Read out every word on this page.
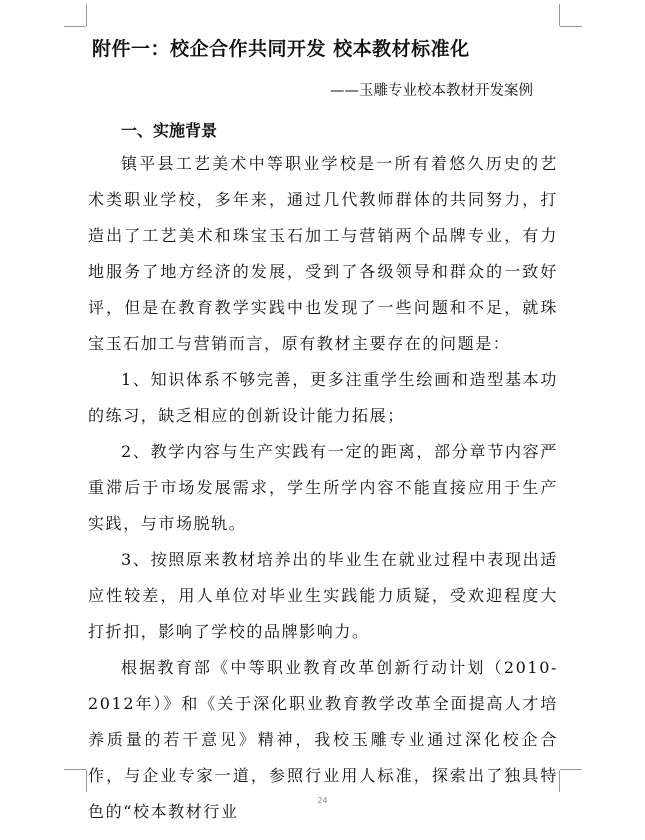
附件一：校企合作共同开发 校本教材标准化
——玉雕专业校本教材开发案例
一、实施背景

镇平县工艺美术中等职业学校是一所有着悠久历史的艺术类职业学校，多年来，通过几代教师群体的共同努力，打造出了工艺美术和珠宝玉石加工与营销两个品牌专业，有力地服务了地方经济的发展，受到了各级领导和群众的一致好评，但是在教育教学实践中也发现了一些问题和不足，就珠宝玉石加工与营销而言，原有教材主要存在的问题是：

1、知识体系不够完善，更多注重学生绘画和造型基本功的练习，缺乏相应的创新设计能力拓展；

2、教学内容与生产实践有一定的距离，部分章节内容严重滞后于市场发展需求，学生所学内容不能直接应用于生产实践，与市场脱轨。

3、按照原来教材培养出的毕业生在就业过程中表现出适应性较差，用人单位对毕业生实践能力质疑，受欢迎程度大打折扣，影响了学校的品牌影响力。

根据教育部《中等职业教育改革创新行动计划（2010-2012年）》和《关于深化职业教育教学改革全面提高人才培养质量的若干意见》精神，我校玉雕专业通过深化校企合作，与企业专家一道，参照行业用人标准，探索出了独具特色的“校本教材行业

24
